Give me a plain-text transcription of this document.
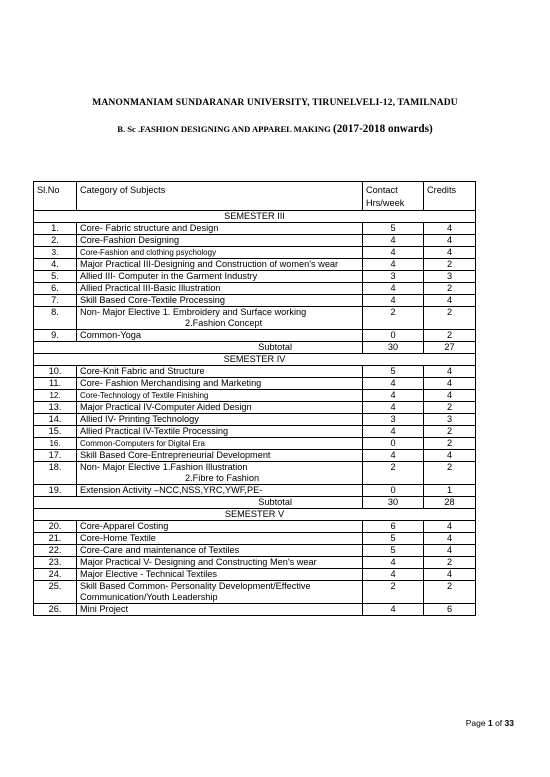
MANONMANIAM SUNDARANAR UNIVERSITY, TIRUNELVELI-12, TAMILNADU
B. Sc .FASHION DESIGNING AND APPAREL MAKING (2017-2018 onwards)
Sl.No	Category of Subjects	Contact Hrs/week	Credits
SEMESTER III			
1.	Core- Fabric structure and Design	5	4
2.	Core-Fashion Designing	4	4
3.	Core-Fashion and clothing psychology	4	4
4.	Major Practical III-Designing and Construction of women's wear	4	2
5.	Allied III- Computer in the Garment Industry	3	3
6.	Allied Practical III-Basic Illustration	4	2
7.	Skill Based Core-Textile Processing	4	4
8.	Non- Major Elective 1. Embroidery and Surface working
2.Fashion Concept	2	2
9.	Common-Yoga	0	2
Subtotal		30	27
SEMESTER IV			
10.	Core-Knit Fabric and Structure	5	4
11.	Core- Fashion Merchandising and Marketing	4	4
12.	Core-Technology of Textile Finishing	4	4
13.	Major Practical IV-Computer Aided Design	4	2
14.	Allied IV- Printing Technology	3	3
15.	Allied Practical IV-Textile Processing	4	2
16.	Common-Computers for Digital Era	0	2
17.	Skill Based Core-Entrepreneurial Development	4	4
18.	Non- Major Elective 1.Fashion Illustration
2.Fibre to Fashion	2	2
19.	Extension Activity –NCC,NSS,YRC,YWF,PE-	0	1
Subtotal		30	28
SEMESTER V			
20.	Core-Apparel Costing	6	4
21.	Core-Home Textile	5	4
22.	Core-Care and maintenance of Textiles	5	4
23.	Major Practical V- Designing and Constructing Men's wear	4	2
24.	Major Elective - Technical Textiles	4	4
25.	Skill Based Common- Personality Development/Effective
Communication/Youth Leadership	2	2
26.	Mini Project	4	6
Page 1 of 33
